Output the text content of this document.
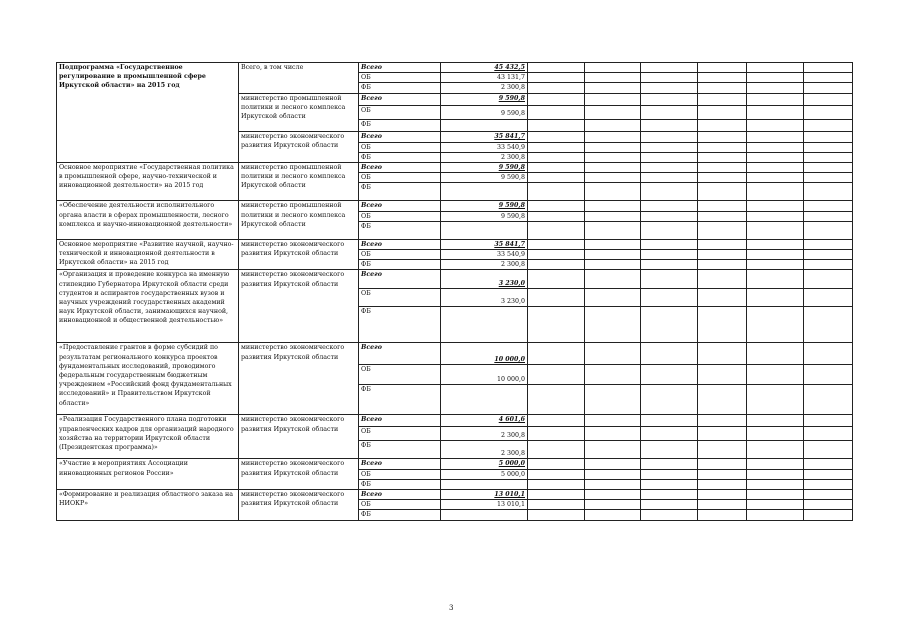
Подпрограмма «Государственное регулирование в промышленной сфере Иркутской области» на 2015 год	Всего, в том числе	Всего	45 432,5						
		ОБ	43 131,7						
		ФБ	2 300,8						
	министерство промышленной политики и лесного комплекса Иркутской области	Всего	9 590,8						
		ОБ	9 590,8						
		ФБ							
	министерство экономического развития Иркутской области	Всего	35 841,7						
		ОБ	33 540,9						
		ФБ	2 300,8						
Основное мероприятие «Государственная политика в промышленной сфере, научно-технической и инновационной деятельности» на 2015 год	министерство промышленной политики и лесного комплекса Иркутской области	Всего	9 590,8						
		ОБ	9 590,8						
		ФБ							
«Обеспечение деятельности исполнительного органа власти в сферах промышленности, лесного комплекса и научно-инновационной деятельности»	министерство промышленной политики и лесного комплекса Иркутской области	Всего	9 590,8						
		ОБ	9 590,8						
		ФБ							
Основное мероприятие «Развитие научной, научно-технической и инновационной деятельности в Иркутской области» на 2015 год	министерство экономического развития Иркутской области	Всего	35 841,7						
		ОБ	33 540,9						
		ФБ	2 300,8						
«Организация и проведение конкурса на именную стипендию Губернатора Иркутской области среди студентов и аспирантов государственных вузов и научных учреждений государственных академий наук Иркутской области, занимающихся научной, инновационной и общественной деятельностью»	министерство экономического развития Иркутской области	Всего	3 230,0						
		ОБ	3 230,0						
		ФБ							
«Предоставление грантов в форме субсидий по результатам регионального конкурса проектов фундаментальных исследований, проводимого федеральным государственным бюджетным учреждением «Российский фонд фундаментальных исследований» и Правительством Иркутской области»	министерство экономического развития Иркутской области	Всего	10 000,0						
		ОБ	10 000,0						
		ФБ							
«Реализация Государственного плана подготовки управленческих кадров для организаций народного хозяйства на территории Иркутской области (Президентская программа)»	министерство экономического развития Иркутской области	Всего	4 601,6						
		ОБ	2 300,8						
		ФБ	2 300,8						
«Участие в мероприятиях Ассоциации инновационных регионов России»	министерство экономического развития Иркутской области	Всего	5 000,0						
		ОБ	5 000,0						
		ФБ							
«Формирование и реализация областного заказа на НИОКР»	министерство экономического развития Иркутской области	Всего	13 010,1						
		ОБ	13 010,1						
		ФБ							
3
